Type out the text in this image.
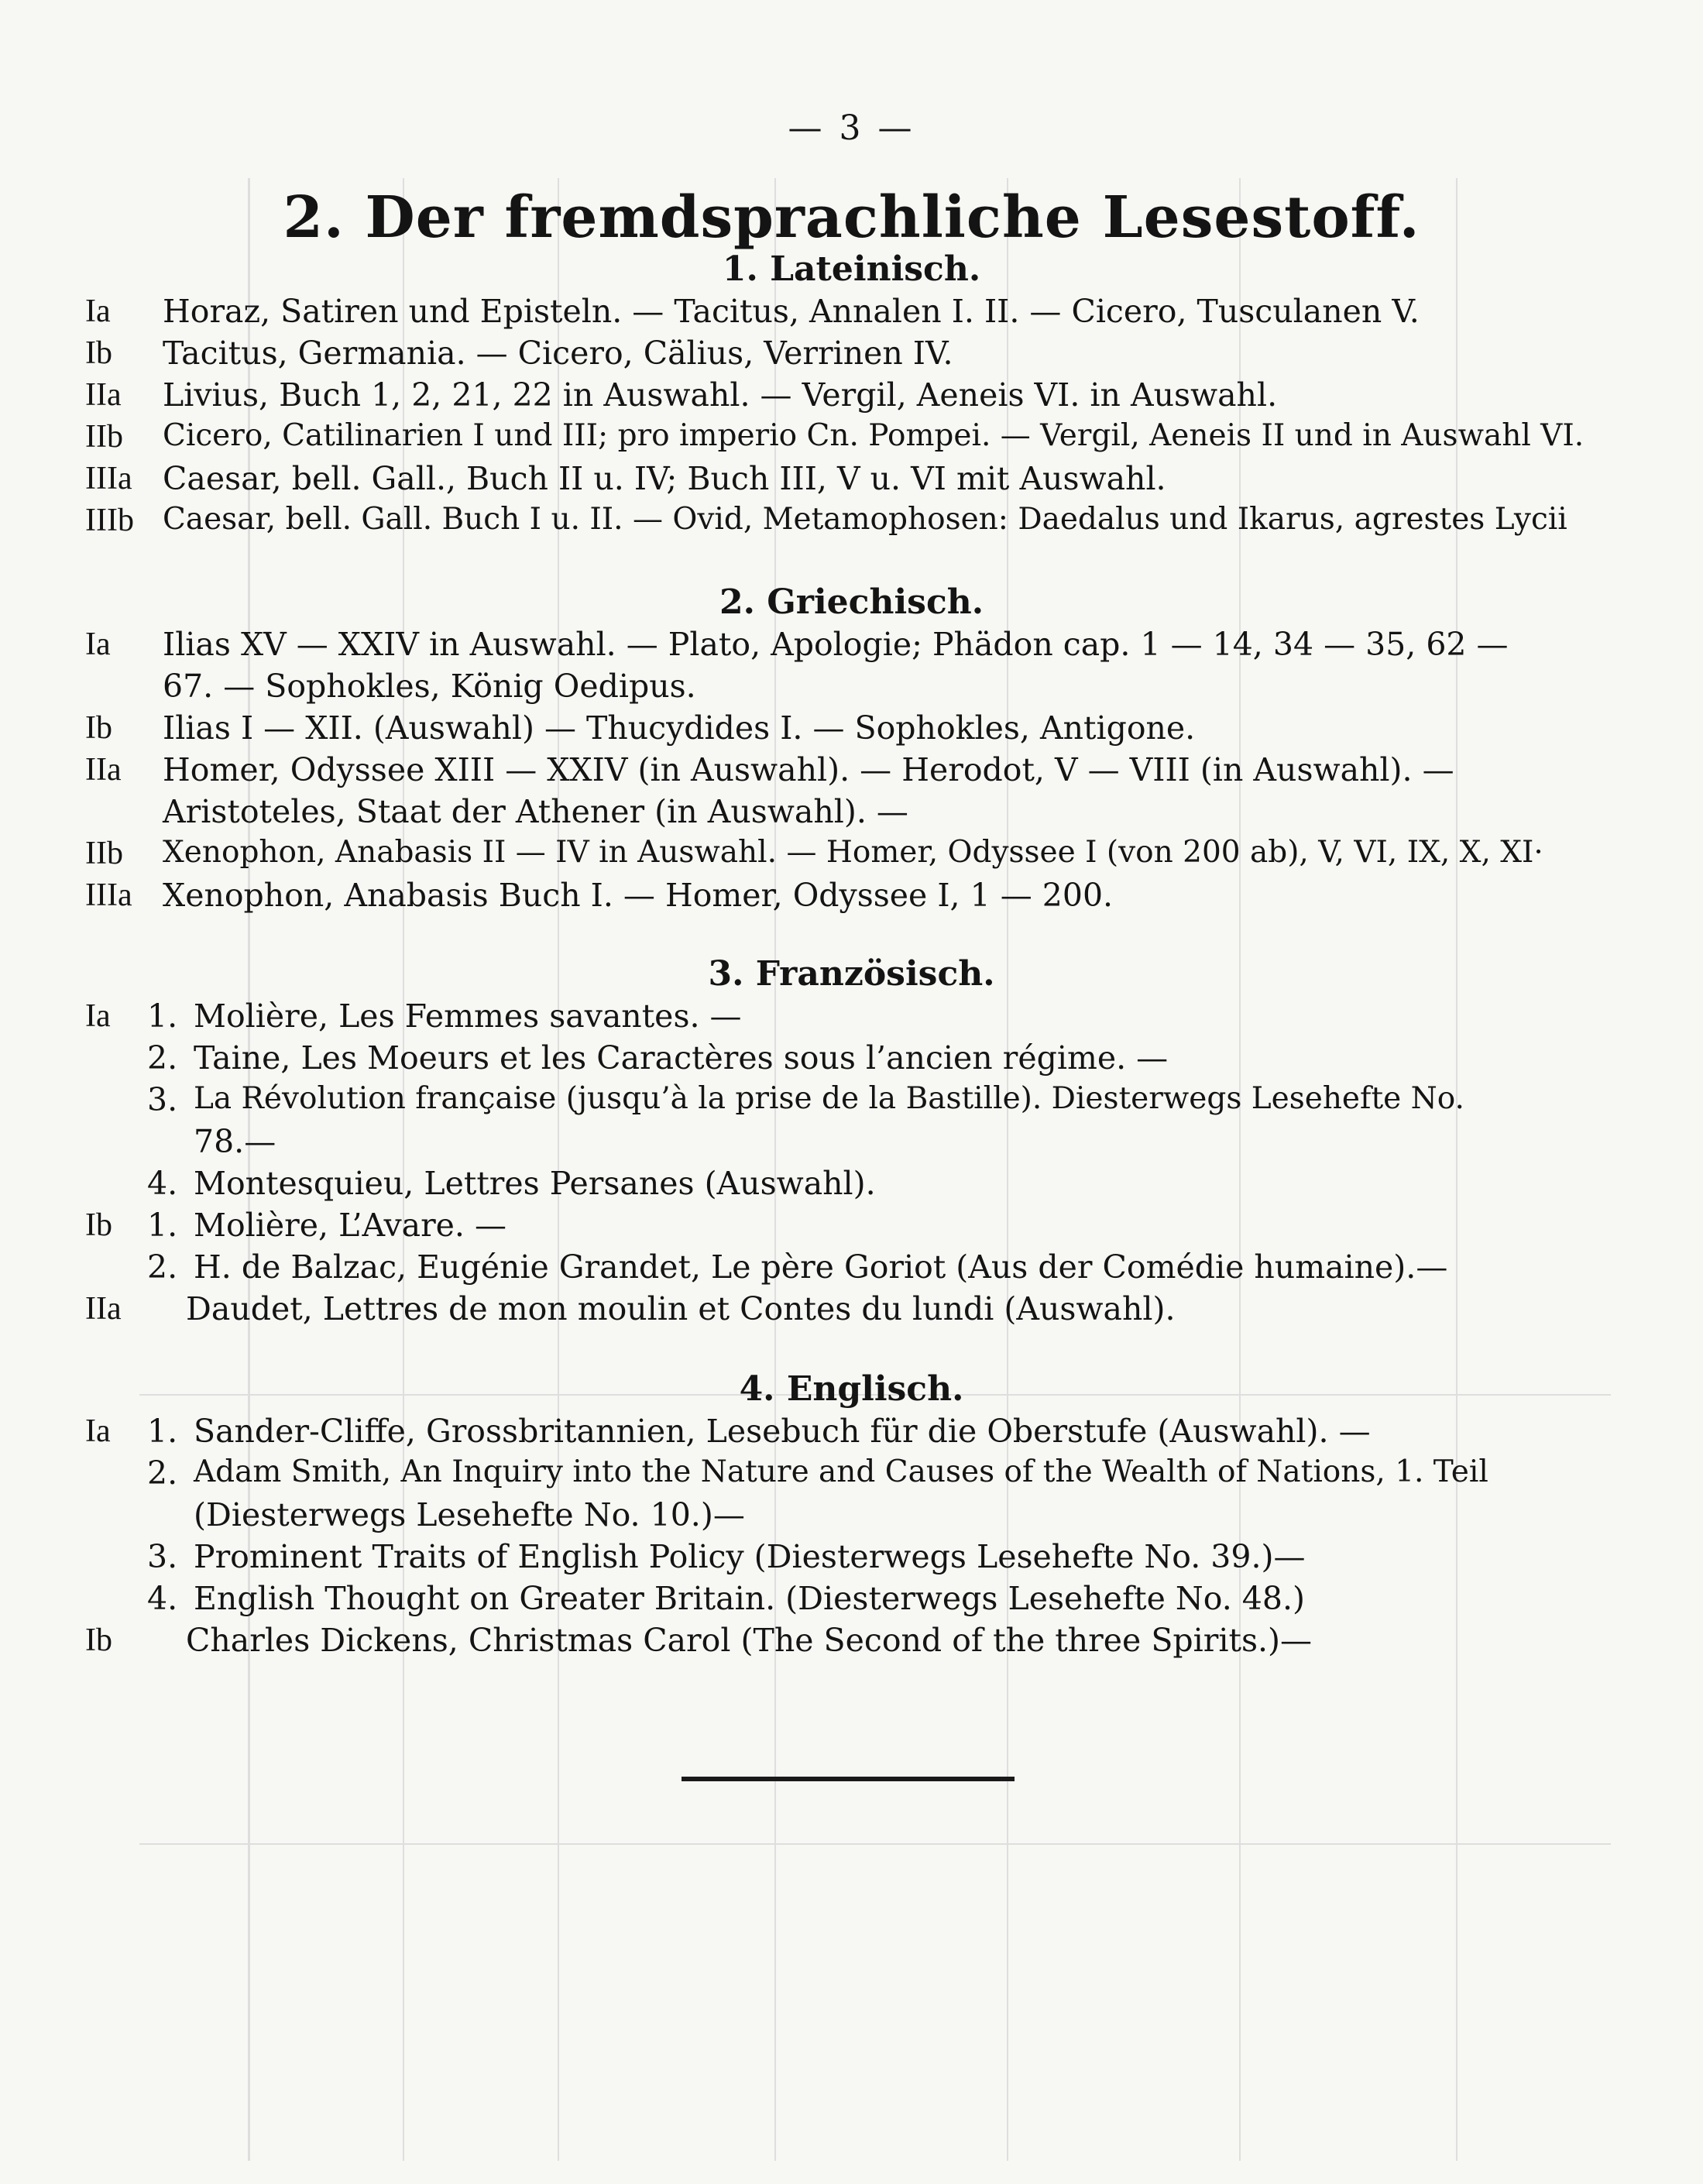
— 3 —
2. Der fremdsprachliche Lesestoff.
1. Lateinisch.
Ia Horaz, Satiren und Episteln. — Tacitus, Annalen I. II. — Cicero, Tusculanen V.
Ib Tacitus, Germania. — Cicero, Cälius, Verrinen IV.
IIa Livius, Buch 1, 2, 21, 22 in Auswahl. — Vergil, Aeneis VI. in Auswahl.
IIb Cicero, Catilinarien I und III; pro imperio Cn. Pompei. — Vergil, Aeneis II und in Auswahl VI.
IIIa Caesar, bell. Gall., Buch II u. IV; Buch III, V u. VI mit Auswahl.
IIIb Caesar, bell. Gall. Buch I u. II. — Ovid, Metamophosen: Daedalus und Ikarus, agrestes Lycii
2. Griechisch.
Ia Ilias XV — XXIV in Auswahl. — Plato, Apologie; Phädon cap. 1 — 14, 34 — 35, 62 —
67. — Sophokles, König Oedipus.
Ib Ilias I — XII. (Auswahl) — Thucydides I. — Sophokles, Antigone.
IIa Homer, Odyssee XIII — XXIV (in Auswahl). — Herodot, V — VIII (in Auswahl). —
Aristoteles, Staat der Athener (in Auswahl). —
IIb Xenophon, Anabasis II — IV in Auswahl. — Homer, Odyssee I (von 200 ab), V, VI, IX, X, XI·
IIIa Xenophon, Anabasis Buch I. — Homer, Odyssee I, 1 — 200.
3. Französisch.
Ia 1. Molière, Les Femmes savantes. —
2. Taine, Les Moeurs et les Caractères sous l’ancien régime. —
3. La Révolution française (jusqu’à la prise de la Bastille). Diesterwegs Lesehefte No.
78.—
4. Montesquieu, Lettres Persanes (Auswahl).
Ib 1. Molière, L’Avare. —
2. H. de Balzac, Eugénie Grandet, Le père Goriot (Aus der Comédie humaine).—
IIa Daudet, Lettres de mon moulin et Contes du lundi (Auswahl).
4. Englisch.
Ia 1. Sander-Cliffe, Grossbritannien, Lesebuch für die Oberstufe (Auswahl). —
2. Adam Smith, An Inquiry into the Nature and Causes of the Wealth of Nations, 1. Teil
(Diesterwegs Lesehefte No. 10.)—
3. Prominent Traits of English Policy (Diesterwegs Lesehefte No. 39.)—
4. English Thought on Greater Britain. (Diesterwegs Lesehefte No. 48.)
Ib Charles Dickens, Christmas Carol (The Second of the three Spirits.)—
